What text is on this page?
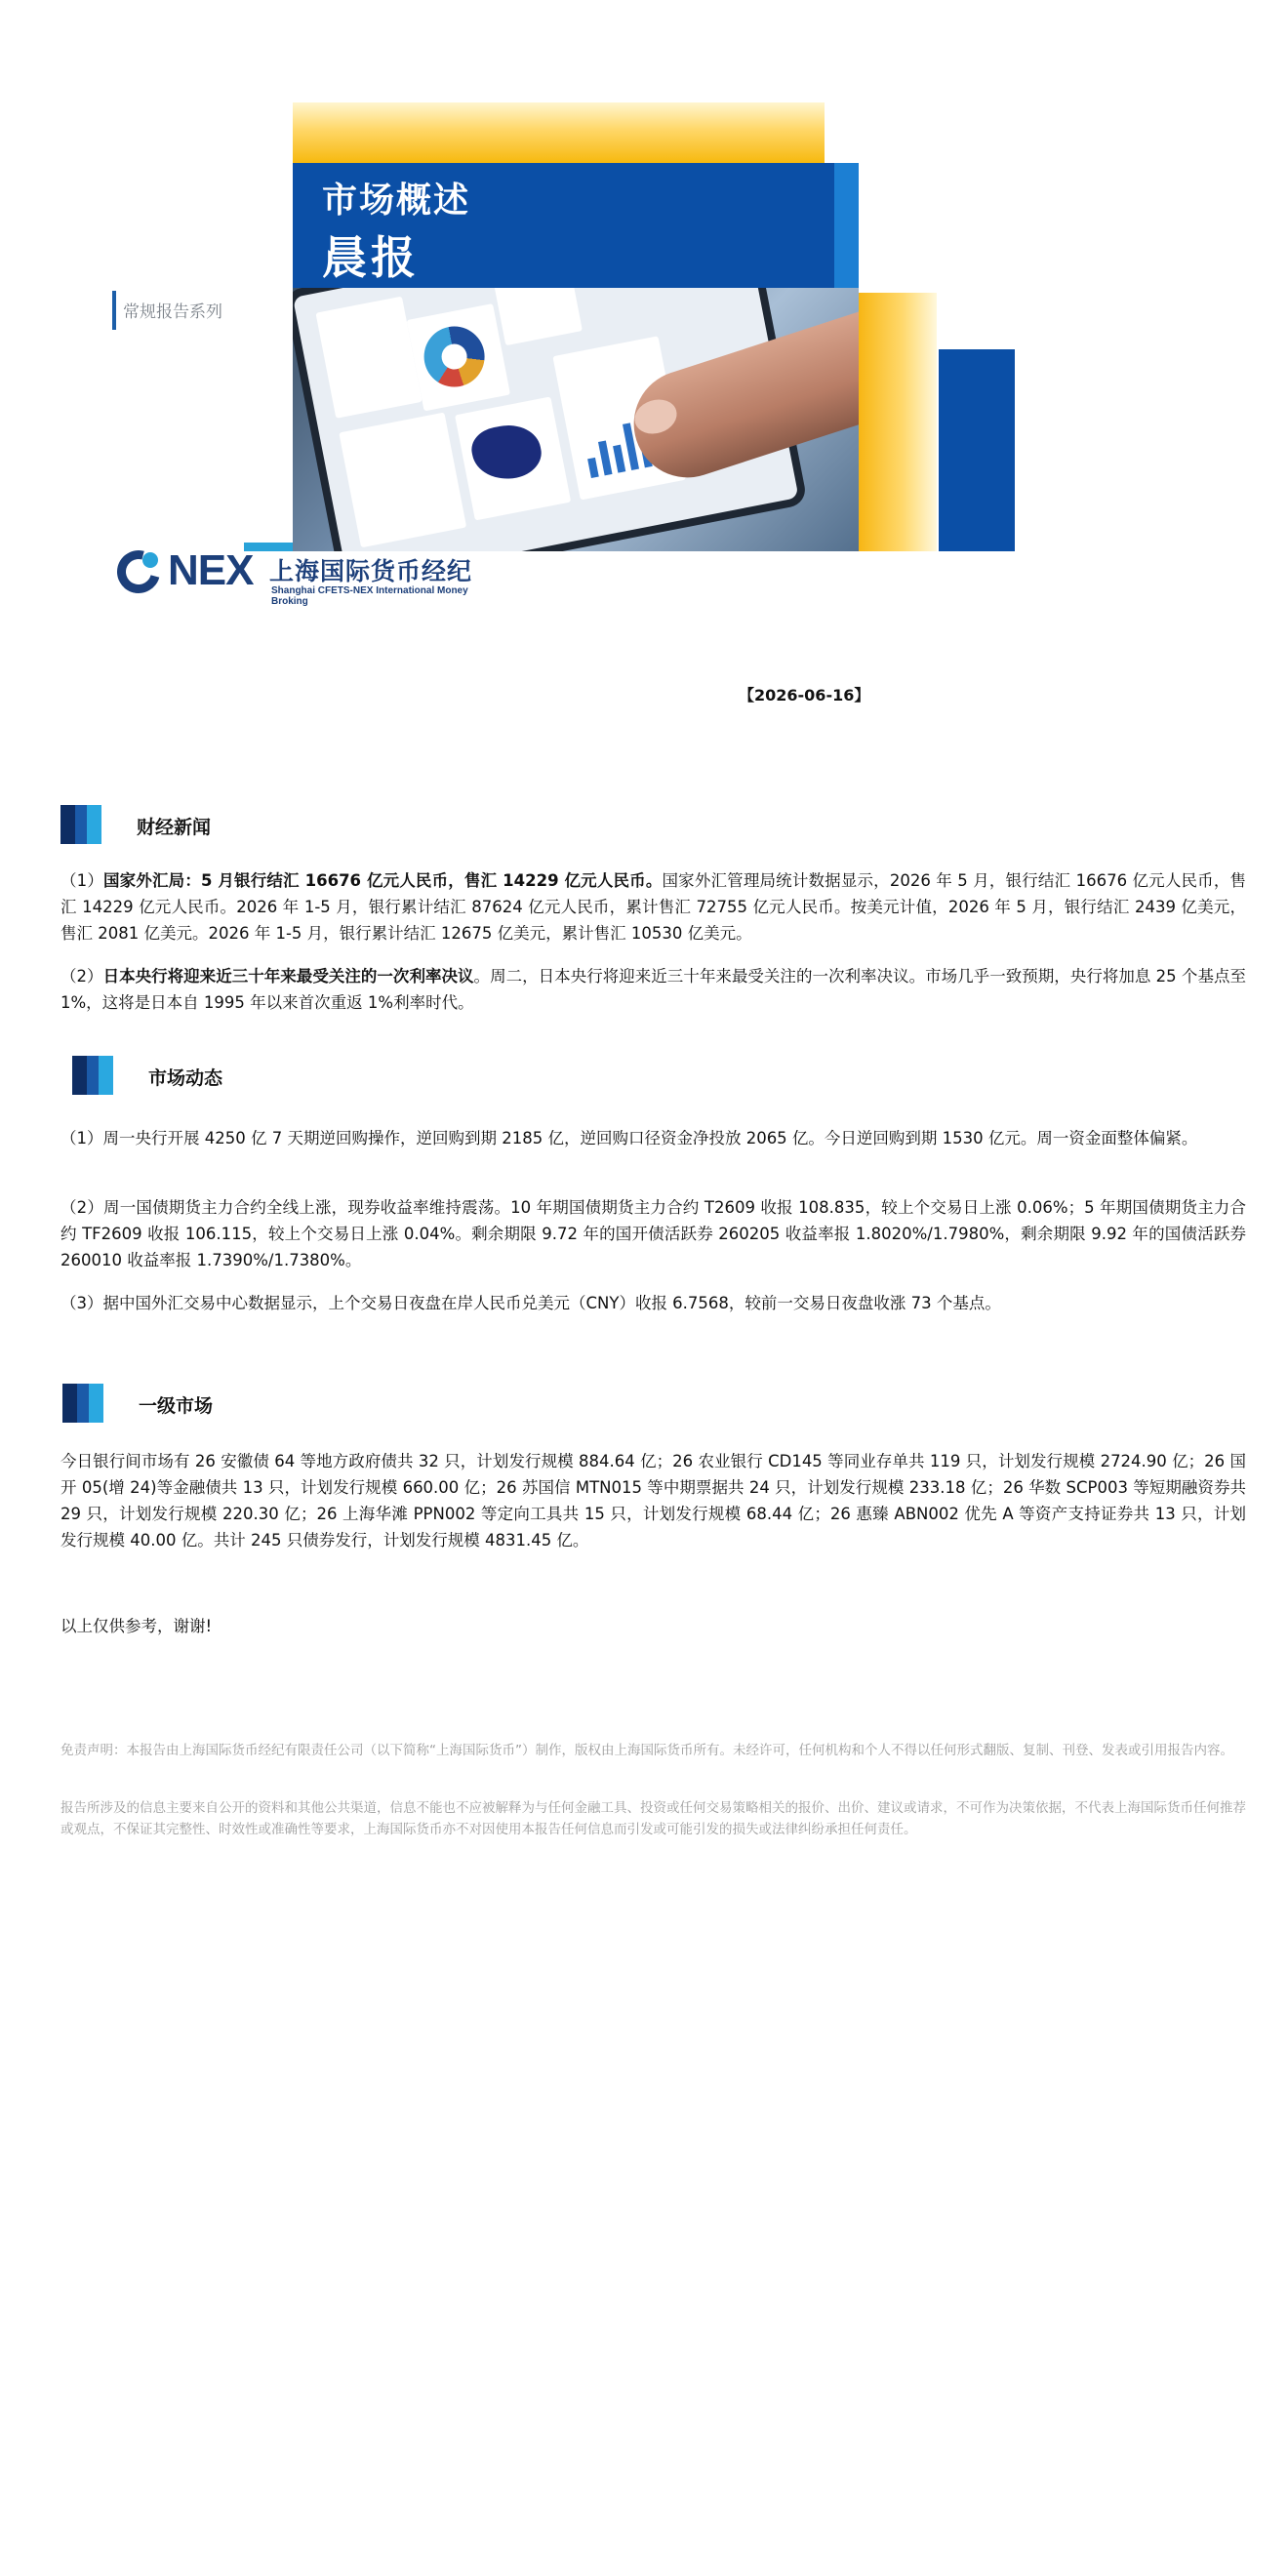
市场概述
晨报
常规报告系列
NEX 上海国际货币经纪
Shanghai CFETS-NEX International Money Broking
【2026-06-16】
财经新闻
（1）国家外汇局：5 月银行结汇 16676 亿元人民币，售汇 14229 亿元人民币。国家外汇管理局统计数据显示，2026 年 5 月，银行结汇 16676 亿元人民币，售汇 14229 亿元人民币。2026 年 1-5 月，银行累计结汇 87624 亿元人民币，累计售汇 72755 亿元人民币。按美元计值，2026 年 5 月，银行结汇 2439 亿美元，售汇 2081 亿美元。2026 年 1-5 月，银行累计结汇 12675 亿美元，累计售汇 10530 亿美元。
（2）日本央行将迎来近三十年来最受关注的一次利率决议。周二，日本央行将迎来近三十年来最受关注的一次利率决议。市场几乎一致预期，央行将加息 25 个基点至 1%，这将是日本自 1995 年以来首次重返 1%利率时代。
市场动态
（1）周一央行开展 4250 亿 7 天期逆回购操作，逆回购到期 2185 亿，逆回购口径资金净投放 2065 亿。今日逆回购到期 1530 亿元。周一资金面整体偏紧。
（2）周一国债期货主力合约全线上涨，现券收益率维持震荡。10 年期国债期货主力合约 T2609 收报 108.835，较上个交易日上涨 0.06%；5 年期国债期货主力合约 TF2609 收报 106.115，较上个交易日上涨 0.04%。剩余期限 9.72 年的国开债活跃券 260205 收益率报 1.8020%/1.7980%，剩余期限 9.92 年的国债活跃券 260010 收益率报 1.7390%/1.7380%。
（3）据中国外汇交易中心数据显示，上个交易日夜盘在岸人民币兑美元（CNY）收报 6.7568，较前一交易日夜盘收涨 73 个基点。
一级市场
今日银行间市场有 26 安徽债 64 等地方政府债共 32 只，计划发行规模 884.64 亿；26 农业银行 CD145 等同业存单共 119 只，计划发行规模 2724.90 亿；26 国开 05(增 24)等金融债共 13 只，计划发行规模 660.00 亿；26 苏国信 MTN015 等中期票据共 24 只，计划发行规模 233.18 亿；26 华数 SCP003 等短期融资券共 29 只，计划发行规模 220.30 亿；26 上海华滩 PPN002 等定向工具共 15 只，计划发行规模 68.44 亿；26 惠臻 ABN002 优先 A 等资产支持证券共 13 只，计划发行规模 40.00 亿。共计 245 只债券发行，计划发行规模 4831.45 亿。
以上仅供参考，谢谢!
免责声明：本报告由上海国际货币经纪有限责任公司（以下简称“上海国际货币”）制作，版权由上海国际货币所有。未经许可，任何机构和个人不得以任何形式翻版、复制、刊登、发表或引用报告内容。
报告所涉及的信息主要来自公开的资料和其他公共渠道，信息不能也不应被解释为与任何金融工具、投资或任何交易策略相关的报价、出价、建议或请求，不可作为决策依据，不代表上海国际货币任何推荐或观点，不保证其完整性、时效性或准确性等要求，上海国际货币亦不对因使用本报告任何信息而引发或可能引发的损失或法律纠纷承担任何责任。
